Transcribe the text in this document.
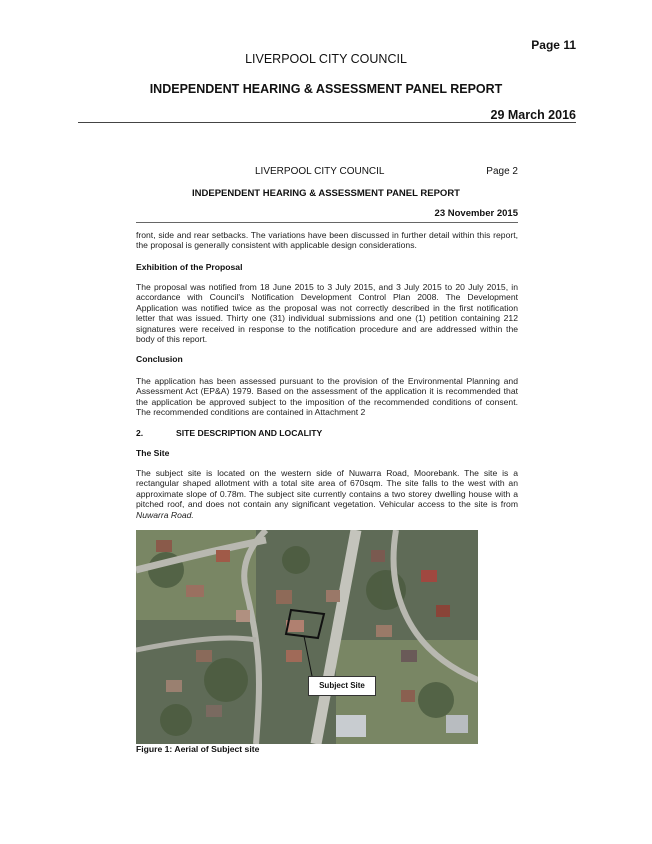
Page 11
LIVERPOOL CITY COUNCIL
INDEPENDENT HEARING & ASSESSMENT PANEL REPORT
29 March 2016
LIVERPOOL CITY COUNCIL	Page 2
INDEPENDENT HEARING & ASSESSMENT PANEL REPORT
23 November 2015
front, side and rear setbacks. The variations have been discussed in further detail within this report, the proposal is generally consistent with applicable design considerations.
Exhibition of the Proposal
The proposal was notified from 18 June 2015 to 3 July 2015, and 3 July 2015 to 20 July 2015, in accordance with Council's Notification Development Control Plan 2008. The Development Application was notified twice as the proposal was not correctly described in the first notification letter that was issued. Thirty one (31) individual submissions and one (1) petition containing 212 signatures were received in response to the notification procedure and are addressed within the body of this report.
Conclusion
The application has been assessed pursuant to the provision of the Environmental Planning and Assessment Act (EP&A) 1979. Based on the assessment of the application it is recommended that the application be approved subject to the imposition of the recommended conditions of consent. The recommended conditions are contained in Attachment 2
2.	SITE DESCRIPTION AND LOCALITY
The Site
The subject site is located on the western side of Nuwarra Road, Moorebank. The site is a rectangular shaped allotment with a total site area of 670sqm. The site falls to the west with an approximate slope of 0.78m. The subject site currently contains a two storey dwelling house with a pitched roof, and does not contain any significant vegetation. Vehicular access to the site is from Nuwarra Road.
Subject Site
Figure 1: Aerial of Subject site
